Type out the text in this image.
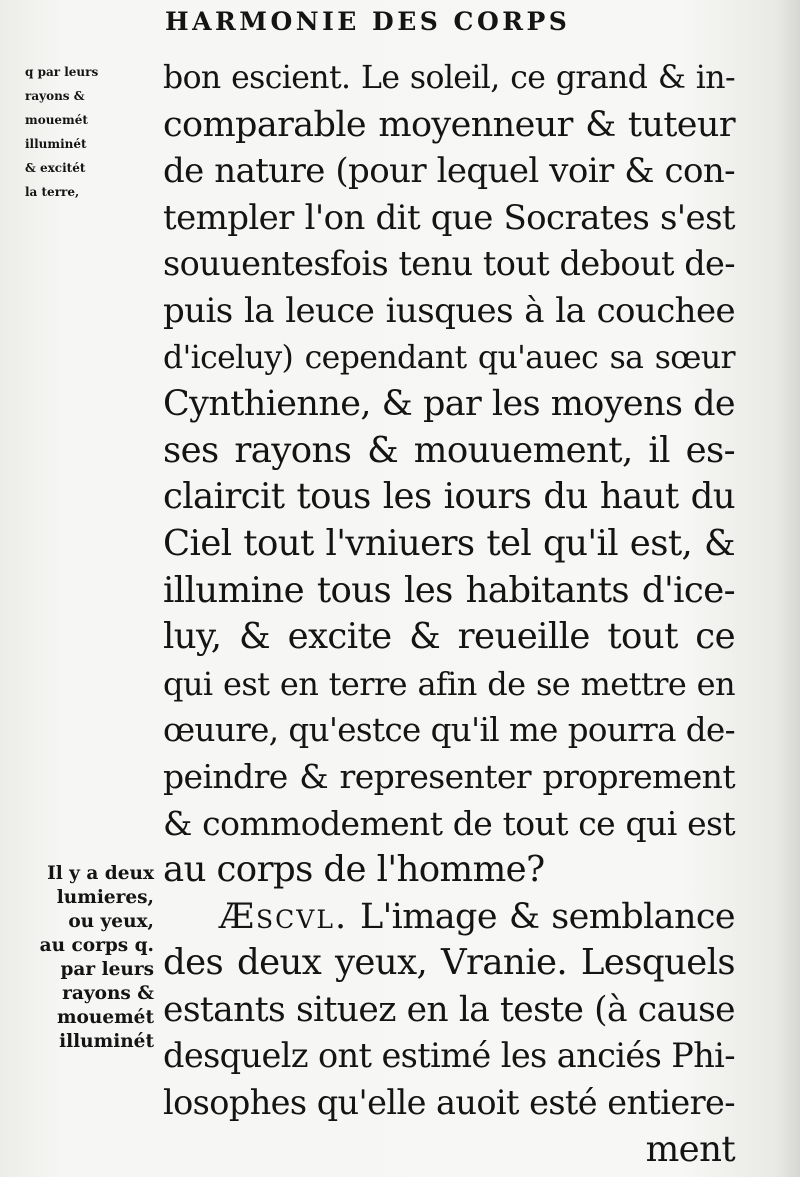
HARMONIE DES CORPS
q par leurs
rayons &
mouemét
illuminét
& excitét
la terre,
Il y a deux
lumieres,
ou yeux,
au corps q.
par leurs
rayons &
mouemét
illuminét
bon escient. Le soleil, ce grand & in-
comparable moyenneur & tuteur
de nature (pour lequel voir & con-
templer l'on dit que Socrates s'est
souuentesfois tenu tout debout de-
puis la leuce iusques à la couchee
d'iceluy) cependant qu'auec sa sœur
Cynthienne, & par les moyens de
ses rayons & mouuement, il es-
claircit tous les iours du haut du
Ciel tout l'vniuers tel qu'il est, &
illumine tous les habitants d'ice-
luy, & excite & reueille tout ce
qui est en terre afin de se mettre en
œuure, qu'estce qu'il me pourra de-
peindre & representer proprement
& commodement de tout ce qui est
au corps de l'homme?
Æscvl. L'image & semblance
des deux yeux, Vranie. Lesquels
estants situez en la teste (à cause
desquelz ont estimé les anciés Phi-
losophes qu'elle auoit esté entiere-
ment
